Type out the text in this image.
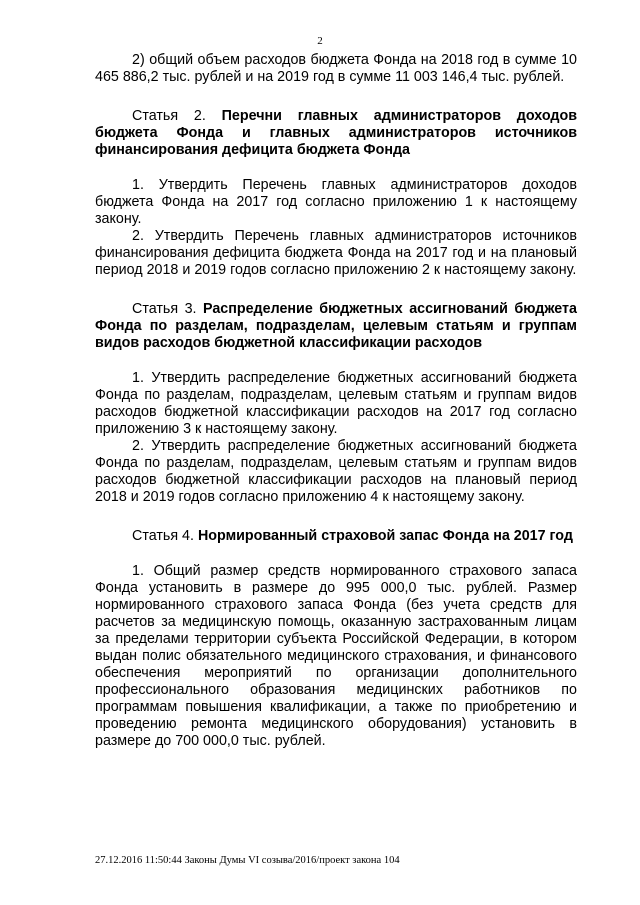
2

2) общий объем расходов бюджета Фонда на 2018 год в сумме 10 465 886,2 тыс. рублей и на 2019 год в сумме 11 003 146,4 тыс. рублей.

Статья 2. Перечни главных администраторов доходов бюджета Фонда и главных администраторов источников финансирования дефицита бюджета Фонда

1. Утвердить Перечень главных администраторов доходов бюджета Фонда на 2017 год согласно приложению 1 к настоящему закону.

2. Утвердить Перечень главных администраторов источников финансирования дефицита бюджета Фонда на 2017 год и на плановый период 2018 и 2019 годов согласно приложению 2 к настоящему закону.

Статья 3. Распределение бюджетных ассигнований бюджета Фонда по разделам, подразделам, целевым статьям и группам видов расходов бюджетной классификации расходов

1. Утвердить распределение бюджетных ассигнований бюджета Фонда по разделам, подразделам, целевым статьям и группам видов расходов бюджетной классификации расходов на 2017 год согласно приложению 3 к настоящему закону.

2. Утвердить распределение бюджетных ассигнований бюджета Фонда по разделам, подразделам, целевым статьям и группам видов расходов бюджетной классификации расходов на плановый период 2018 и 2019 годов согласно приложению 4 к настоящему закону.

Статья 4. Нормированный страховой запас Фонда на 2017 год

1. Общий размер средств нормированного страхового запаса Фонда установить в размере до 995 000,0 тыс. рублей. Размер нормированного страхового запаса Фонда (без учета средств для расчетов за медицинскую помощь, оказанную застрахованным лицам за пределами территории субъекта Российской Федерации, в котором выдан полис обязательного медицинского страхования, и финансового обеспечения мероприятий по организации дополнительного профессионального образования медицинских работников по программам повышения квалификации, а также по приобретению и проведению ремонта медицинского оборудования) установить в размере до 700 000,0 тыс. рублей.

27.12.2016 11:50:44 Законы Думы VI созыва/2016/проект закона 104
